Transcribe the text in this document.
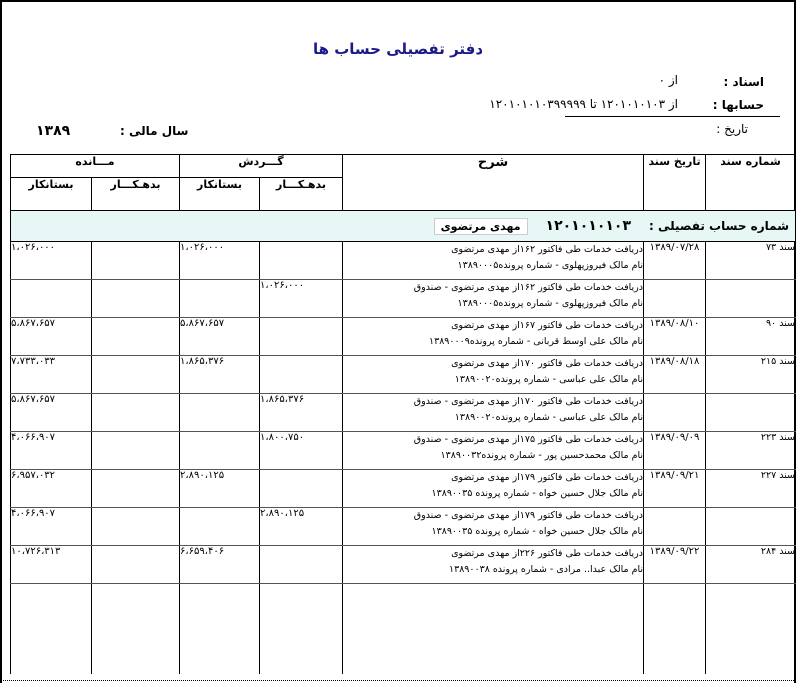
دفتر تفصیلی حساب ها
اسناد :
از ۰
حسابها :
از ۱۲۰۱۰۱۰۱۰۳ تا ۱۲۰۱۰۱۰۱۰۳۹۹۹۹۹
تاریخ :
سال مالی :
۱۳۸۹
مـــانده		گـــردش		شرح	تاریخ سند	شماره سند
بستانکار	بدهـکـــار	بستانکار	بدهـکـــار			

شماره حساب تفصیلی :
۱۲۰۱۰۱۰۱۰۳
مهدی مرتضوی						

۱،۰۲۶،۰۰۰		۱،۰۲۶،۰۰۰		دریافت خدمات طی فاکتور ۱۶۲از مهدی مرتضوی
نام مالک فیروزپهلوی - شماره پرونده۱۳۸۹۰۰۰۵	۱۳۸۹/۰۷/۲۸	سند ۷۳
			۱،۰۲۶،۰۰۰	دریافت خدمات طی فاکتور ۱۶۲از مهدی مرتضوی - صندوق
نام مالک فیروزپهلوی - شماره پرونده۱۳۸۹۰۰۰۵		

۵،۸۶۷،۶۵۷		۵،۸۶۷،۶۵۷		دریافت خدمات طی فاکتور ۱۶۷از مهدی مرتضوی
نام مالک علی اوسط قربانی - شماره پرونده۱۳۸۹۰۰۰۹	۱۳۸۹/۰۸/۱۰	سند ۹۰
۷،۷۳۳،۰۳۳		۱،۸۶۵،۳۷۶		دریافت خدمات طی فاکتور ۱۷۰از مهدی مرتضوی
نام مالک علی عباسی - شماره پرونده۱۳۸۹۰۰۲۰	۱۳۸۹/۰۸/۱۸	سند ۲۱۵
۵،۸۶۷،۶۵۷			۱،۸۶۵،۳۷۶	دریافت خدمات طی فاکتور ۱۷۰از مهدی مرتضوی - صندوق
نام مالک علی عباسی - شماره پرونده۱۳۸۹۰۰۲۰		

۴،۰۶۶،۹۰۷			۱،۸۰۰،۷۵۰	دریافت خدمات طی فاکتور ۱۷۵از مهدی مرتضوی - صندوق
نام مالک محمدحسین پور - شماره پرونده۱۳۸۹۰۰۳۲	۱۳۸۹/۰۹/۰۹	سند ۲۲۳
۶،۹۵۷،۰۳۲		۲،۸۹۰،۱۲۵		دریافت خدمات طی فاکتور ۱۷۹از مهدی مرتضوی
نام مالک جلال حسین خواه - شماره پرونده ۱۳۸۹۰۰۳۵	۱۳۸۹/۰۹/۲۱	سند ۲۲۷
۴،۰۶۶،۹۰۷			۲،۸۹۰،۱۲۵	دریافت خدمات طی فاکتور ۱۷۹از مهدی مرتضوی - صندوق
نام مالک جلال حسین خواه - شماره پرونده ۱۳۸۹۰۰۳۵		

۱۰،۷۲۶،۳۱۳		۶،۶۵۹،۴۰۶		دریافت خدمات طی فاکتور ۲۲۶از مهدی مرتضوی
نام مالک عبدا.. مرادی - شماره پرونده ۱۳۸۹۰۰۳۸	۱۳۸۹/۰۹/۲۲	سند ۲۸۴
